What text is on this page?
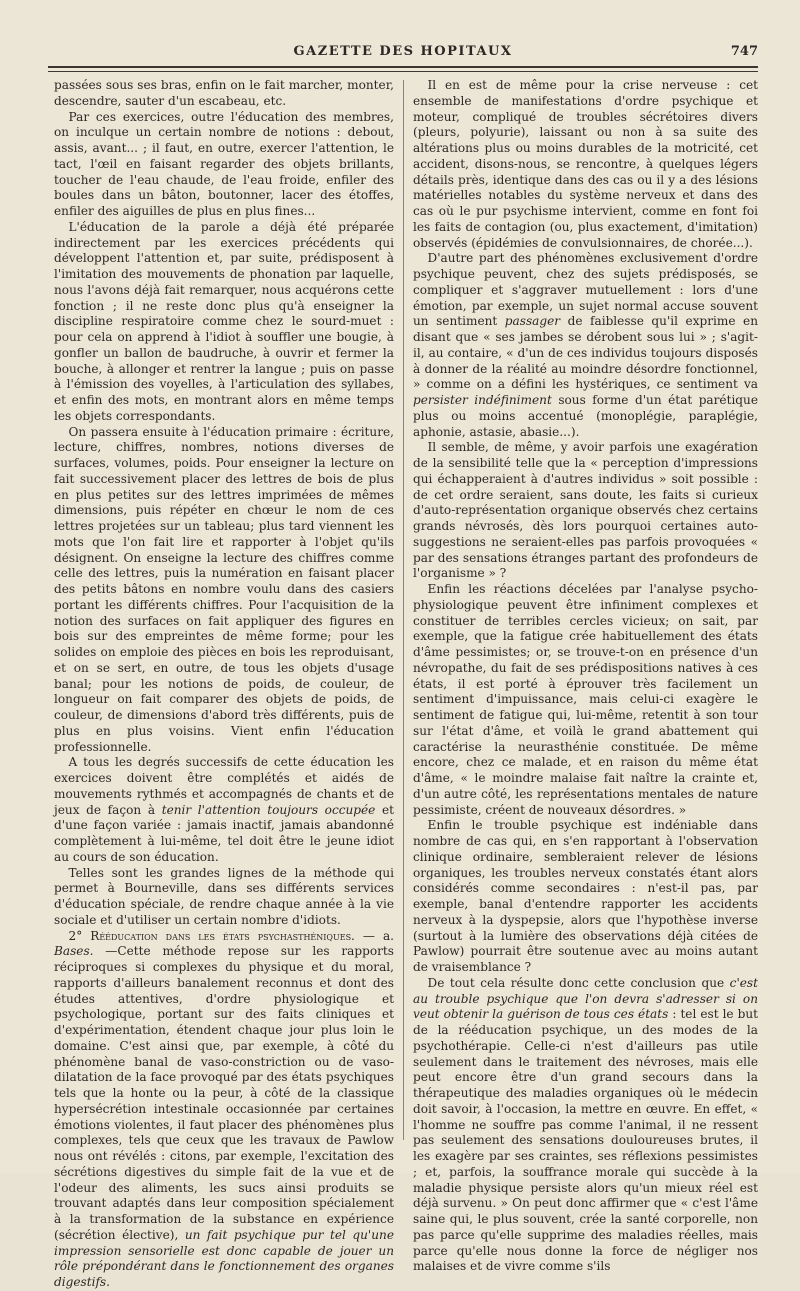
GAZETTE DES HOPITAUX	747

passées sous ses bras, enfin on le fait marcher, monter, descendre, sauter d'un escabeau, etc.

Par ces exercices, outre l'éducation des membres, on inculque un certain nombre de notions : debout, assis, avant... ; il faut, en outre, exercer l'attention, le tact, l'œil en faisant regarder des objets brillants, toucher de l'eau chaude, de l'eau froide, enfiler des boules dans un bâton, boutonner, lacer des étoffes, enfiler des aiguilles de plus en plus fines...

L'éducation de la parole a déjà été préparée indirectement par les exercices précédents qui développent l'attention et, par suite, prédisposent à l'imitation des mouvements de phonation par laquelle, nous l'avons déjà fait remarquer, nous acquérons cette fonction ; il ne reste donc plus qu'à enseigner la discipline respiratoire comme chez le sourd-muet : pour cela on apprend à l'idiot à souffler une bougie, à gonfler un ballon de baudruche, à ouvrir et fermer la bouche, à allonger et rentrer la langue ; puis on passe à l'émission des voyelles, à l'articulation des syllabes, et enfin des mots, en montrant alors en même temps les objets correspondants.

On passera ensuite à l'éducation primaire : écriture, lecture, chiffres, nombres, notions diverses de surfaces, volumes, poids. Pour enseigner la lecture on fait successivement placer des lettres de bois de plus en plus petites sur des lettres imprimées de mêmes dimensions, puis répéter en chœur le nom de ces lettres projetées sur un tableau; plus tard viennent les mots que l'on fait lire et rapporter à l'objet qu'ils désignent. On enseigne la lecture des chiffres comme celle des lettres, puis la numération en faisant placer des petits bâtons en nombre voulu dans des casiers portant les différents chiffres. Pour l'acquisition de la notion des surfaces on fait appliquer des figures en bois sur des empreintes de même forme; pour les solides on emploie des pièces en bois les reproduisant, et on se sert, en outre, de tous les objets d'usage banal; pour les notions de poids, de couleur, de longueur on fait comparer des objets de poids, de couleur, de dimensions d'abord très différents, puis de plus en plus voisins. Vient enfin l'éducation professionnelle.

A tous les degrés successifs de cette éducation les exercices doivent être complétés et aidés de mouvements rythmés et accompagnés de chants et de jeux de façon à tenir l'attention toujours occupée et d'une façon variée : jamais inactif, jamais abandonné complètement à lui-même, tel doit être le jeune idiot au cours de son éducation.

Telles sont les grandes lignes de la méthode qui permet à Bourneville, dans ses différents services d'éducation spéciale, de rendre chaque année à la vie sociale et d'utiliser un certain nombre d'idiots.

2° Rééducation dans les états psychasthéniques. — a. Bases. —Cette méthode repose sur les rapports réciproques si complexes du physique et du moral, rapports d'ailleurs banalement reconnus et dont des études attentives, d'ordre physiologique et psychologique, portant sur des faits cliniques et d'expérimentation, étendent chaque jour plus loin le domaine. C'est ainsi que, par exemple, à côté du phénomène banal de vaso-constriction ou de vaso-dilatation de la face provoqué par des états psychiques tels que la honte ou la peur, à côté de la classique hypersécrétion intestinale occasionnée par certaines émotions violentes, il faut placer des phénomènes plus complexes, tels que ceux que les travaux de Pawlow nous ont révélés : citons, par exemple, l'excitation des sécrétions digestives du simple fait de la vue et de l'odeur des aliments, les sucs ainsi produits se trouvant adaptés dans leur composition spécialement à la transformation de la substance en expérience (sécrétion élective), un fait psychique pur tel qu'une impression sensorielle est donc capable de jouer un rôle prépondérant dans le fonctionnement des organes digestifs.

Il en est de même pour la crise nerveuse : cet ensemble de manifestations d'ordre psychique et moteur, compliqué de troubles sécrétoires divers (pleurs, polyurie), laissant ou non à sa suite des altérations plus ou moins durables de la motricité, cet accident, disons-nous, se rencontre, à quelques légers détails près, identique dans des cas ou il y a des lésions matérielles notables du système nerveux et dans des cas où le pur psychisme intervient, comme en font foi les faits de contagion (ou, plus exactement, d'imitation) observés (épidémies de convulsionnaires, de chorée...).

D'autre part des phénomènes exclusivement d'ordre psychique peuvent, chez des sujets prédisposés, se compliquer et s'aggraver mutuellement : lors d'une émotion, par exemple, un sujet normal accuse souvent un sentiment passager de faiblesse qu'il exprime en disant que « ses jambes se dérobent sous lui » ; s'agit-il, au contaire, « d'un de ces individus toujours disposés à donner de la réalité au moindre désordre fonctionnel, » comme on a défini les hystériques, ce sentiment va persister indéfiniment sous forme d'un état parétique plus ou moins accentué (monoplégie, paraplégie, aphonie, astasie, abasie...).

Il semble, de même, y avoir parfois une exagération de la sensibilité telle que la « perception d'impressions qui échapperaient à d'autres individus » soit possible : de cet ordre seraient, sans doute, les faits si curieux d'auto-représentation organique observés chez certains grands névrosés, dès lors pourquoi certaines auto-suggestions ne seraient-elles pas parfois provoquées « par des sensations étranges partant des profondeurs de l'organisme » ?

Enfin les réactions décelées par l'analyse psycho-physiologique peuvent être infiniment complexes et constituer de terribles cercles vicieux; on sait, par exemple, que la fatigue crée habituellement des états d'âme pessimistes; or, se trouve-t-on en présence d'un névropathe, du fait de ses prédispositions natives à ces états, il est porté à éprouver très facilement un sentiment d'impuissance, mais celui-ci exagère le sentiment de fatigue qui, lui-même, retentit à son tour sur l'état d'âme, et voilà le grand abattement qui caractérise la neurasthénie constituée. De même encore, chez ce malade, et en raison du même état d'âme, « le moindre malaise fait naître la crainte et, d'un autre côté, les représentations mentales de nature pessimiste, créent de nouveaux désordres. »

Enfin le trouble psychique est indéniable dans nombre de cas qui, en s'en rapportant à l'observation clinique ordinaire, sembleraient relever de lésions organiques, les troubles nerveux constatés étant alors considérés comme secondaires : n'est-il pas, par exemple, banal d'entendre rapporter les accidents nerveux à la dyspepsie, alors que l'hypothèse inverse (surtout à la lumière des observations déjà citées de Pawlow) pourrait être soutenue avec au moins autant de vraisemblance ?

De tout cela résulte donc cette conclusion que c'est au trouble psychique que l'on devra s'adresser si on veut obtenir la guérison de tous ces états : tel est le but de la rééducation psychique, un des modes de la psychothérapie. Celle-ci n'est d'ailleurs pas utile seulement dans le traitement des névroses, mais elle peut encore être d'un grand secours dans la thérapeutique des maladies organiques où le médecin doit savoir, à l'occasion, la mettre en œuvre. En effet, « l'homme ne souffre pas comme l'animal, il ne ressent pas seulement des sensations douloureuses brutes, il les exagère par ses craintes, ses réflexions pessimistes ; et, parfois, la souffrance morale qui succède à la maladie physique persiste alors qu'un mieux réel est déjà survenu. » On peut donc affirmer que « c'est l'âme saine qui, le plus souvent, crée la santé corporelle, non pas parce qu'elle supprime des maladies réelles, mais parce qu'elle nous donne la force de négliger nos malaises et de vivre comme s'ils
